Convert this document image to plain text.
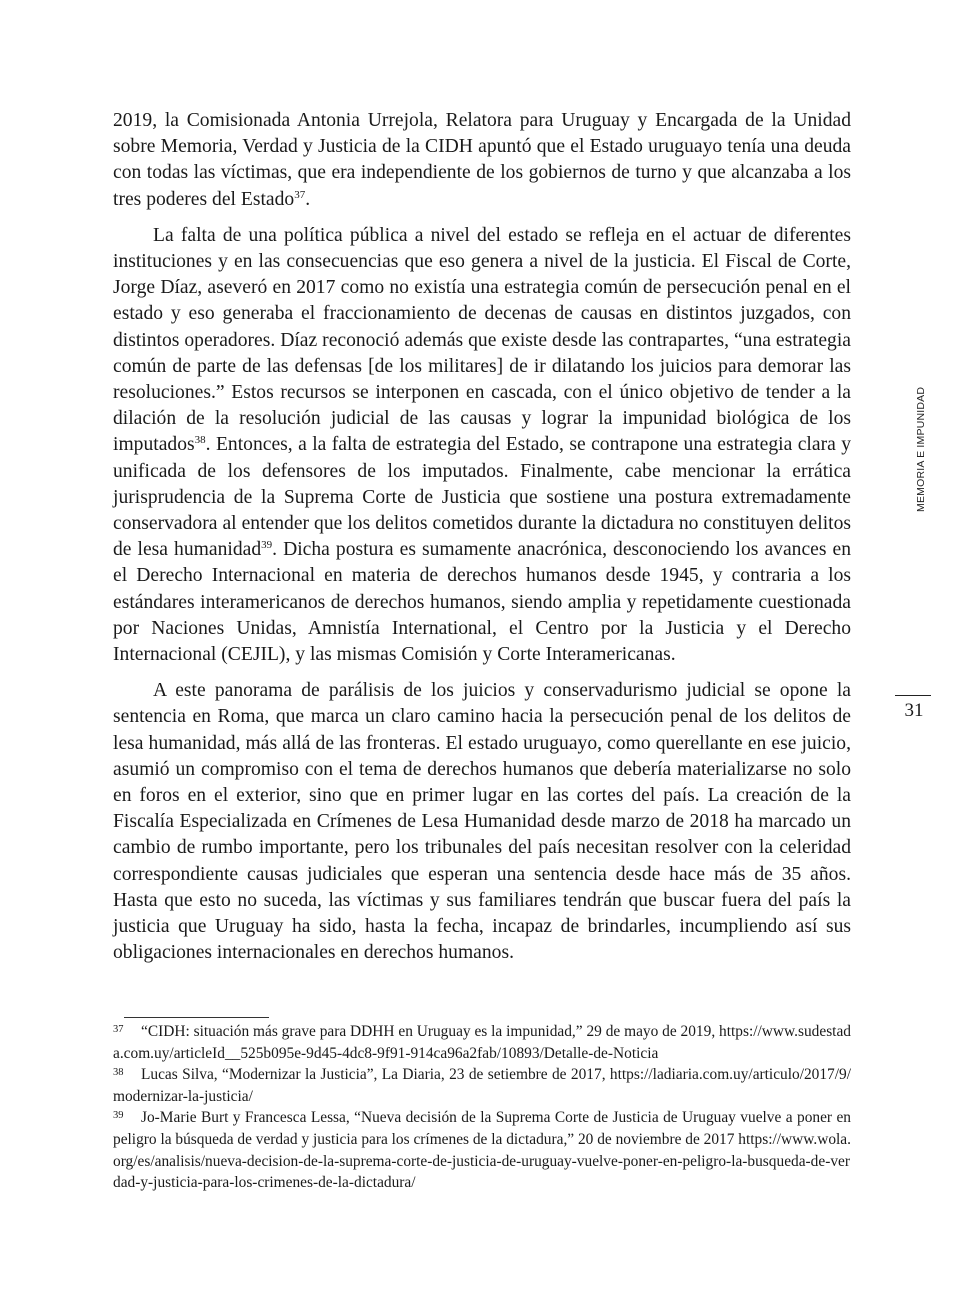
2019, la Comisionada Antonia Urrejola, Relatora para Uruguay y Encargada de la Unidad sobre Memoria, Verdad y Justicia de la CIDH apuntó que el Estado uruguayo tenía una deuda con todas las víctimas, que era independiente de los gobiernos de turno y que alcanzaba a los tres poderes del Estado$^{37}$.

La falta de una política pública a nivel del estado se refleja en el actuar de diferentes instituciones y en las consecuencias que eso genera a nivel de la justicia. El Fiscal de Corte, Jorge Díaz, aseveró en 2017 como no existía una estrategia común de persecución penal en el estado y eso generaba el fraccionamiento de decenas de causas en distintos juzgados, con distintos operadores. Díaz reconoció además que existe desde las contrapartes, “una estrategia común de parte de las defensas [de los militares] de ir dilatando los juicios para demorar las resoluciones.” Estos recursos se interponen en cascada, con el único objetivo de tender a la dilación de la resolución judicial de las causas y lograr la impunidad biológica de los imputados$^{38}$. Entonces, a la falta de estrategia del Estado, se contrapone una estrategia clara y unificada de los defensores de los imputados. Finalmente, cabe mencionar la errática jurisprudencia de la Suprema Corte de Justicia que sostiene una postura extremadamente conservadora al entender que los delitos cometidos durante la dictadura no constituyen delitos de lesa humanidad$^{39}$. Dicha postura es sumamente anacrónica, desconociendo los avances en el Derecho Internacional en materia de derechos humanos desde 1945, y contraria a los estándares interamericanos de derechos humanos, siendo amplia y repetidamente cuestionada por Naciones Unidas, Amnistía International, el Centro por la Justicia y el Derecho Internacional (CEJIL), y las mismas Comisión y Corte Interamericanas.

A este panorama de parálisis de los juicios y conservadurismo judicial se opone la sentencia en Roma, que marca un claro camino hacia la persecución penal de los delitos de lesa humanidad, más allá de las fronteras. El estado uruguayo, como querellante en ese juicio, asumió un compromiso con el tema de derechos humanos que debería materializarse no solo en foros en el exterior, sino que en primer lugar en las cortes del país. La creación de la Fiscalía Especializada en Crímenes de Lesa Humanidad desde marzo de 2018 ha marcado un cambio de rumbo importante, pero los tribunales del país necesitan resolver con la celeridad correspondiente causas judiciales que esperan una sentencia desde hace más de 35 años. Hasta que esto no suceda, las víctimas y sus familiares tendrán que buscar fuera del país la justicia que Uruguay ha sido, hasta la fecha, incapaz de brindarles, incumpliendo así sus obligaciones internacionales en derechos humanos.

MEMORIA E IMPUNIDAD
31

37 “CIDH: situación más grave para DDHH en Uruguay es la impunidad,” 29 de mayo de 2019, https://www.sudestada.com.uy/articleId__525b095e-9d45-4dc8-9f91-914ca96a2fab/10893/Detalle-de-Noticia

38 Lucas Silva, “Modernizar la Justicia”, La Diaria, 23 de setiembre de 2017, https://ladiaria.com.uy/articulo/2017/9/modernizar-la-justicia/

39 Jo-Marie Burt y Francesca Lessa, “Nueva decisión de la Suprema Corte de Justicia de Uruguay vuelve a poner en peligro la búsqueda de verdad y justicia para los crímenes de la dictadura,” 20 de noviembre de 2017 https://www.wola.org/es/analisis/nueva-decision-de-la-suprema-corte-de-justicia-de-uruguay-vuelve-poner-en-peligro-la-busqueda-de-verdad-y-justicia-para-los-crimenes-de-la-dictadura/
